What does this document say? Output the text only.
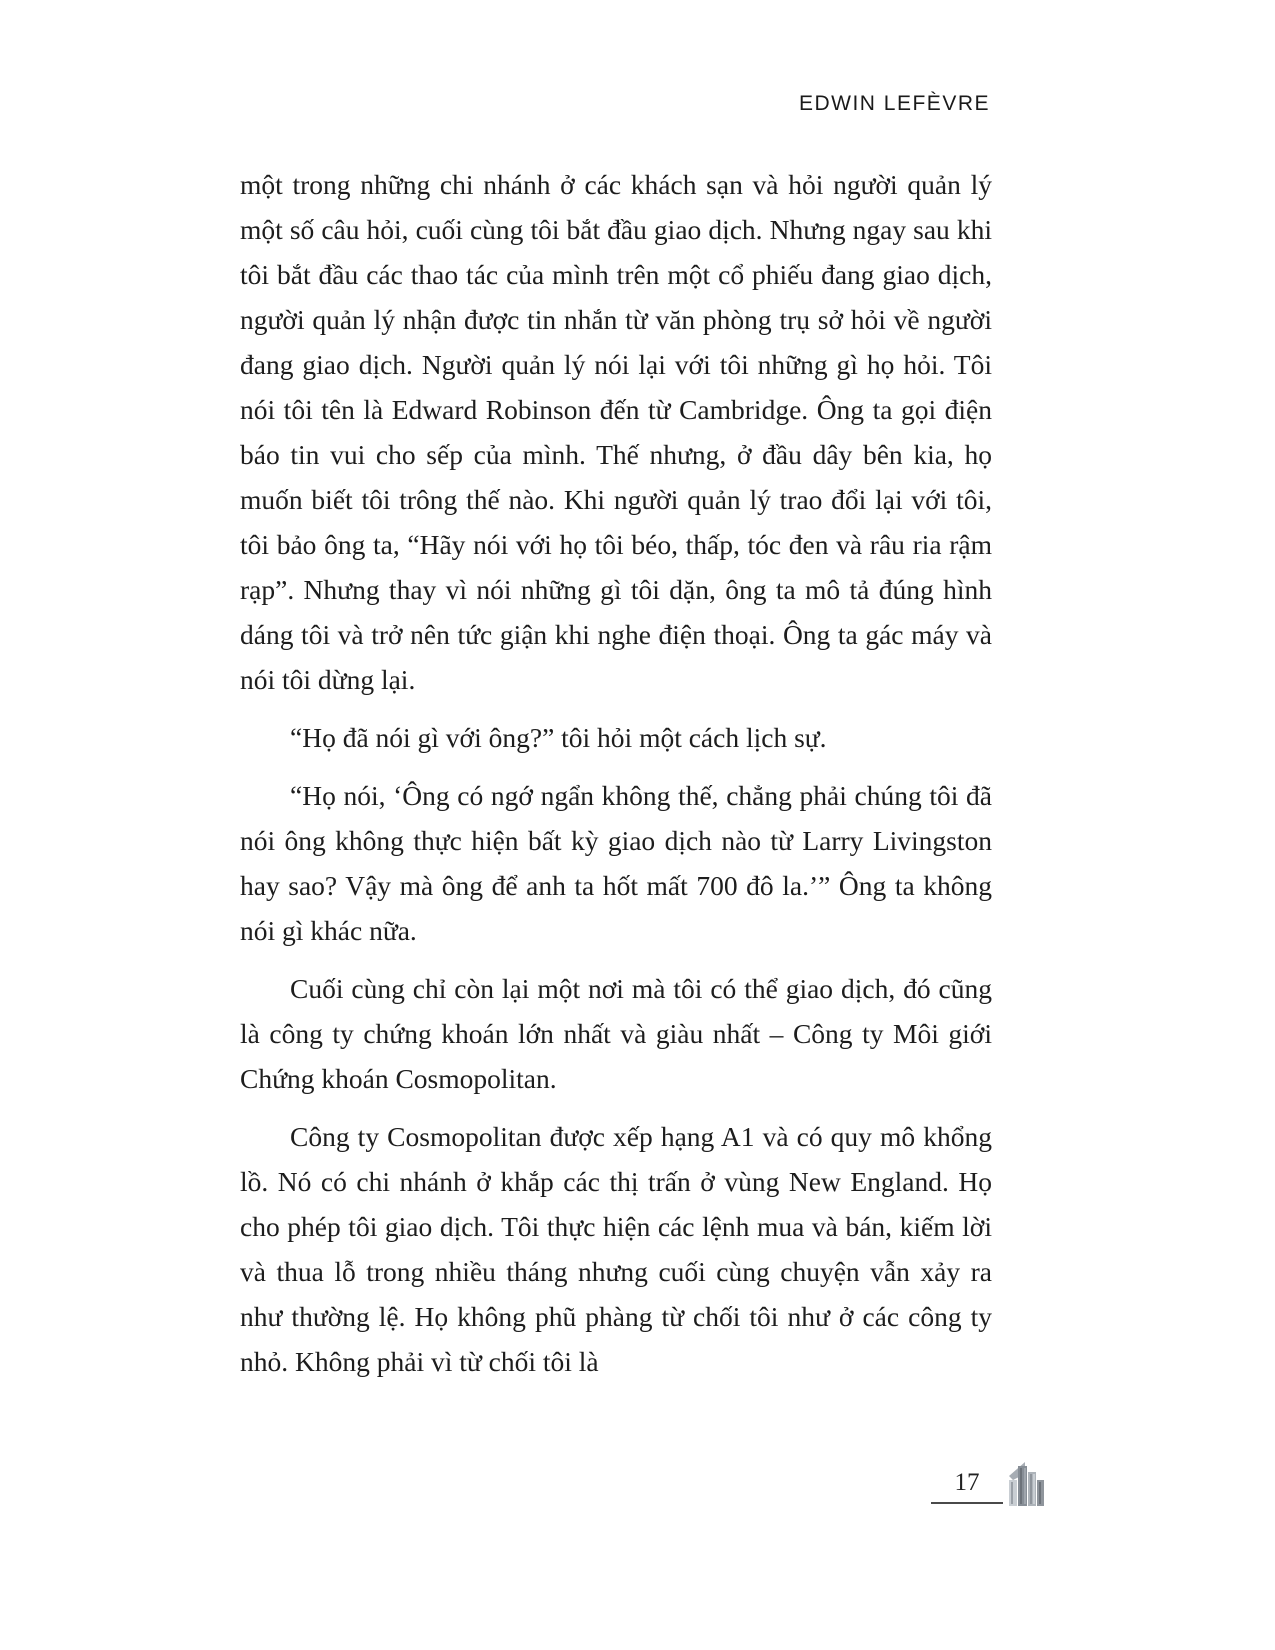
EDWIN LEFÈVRE

một trong những chi nhánh ở các khách sạn và hỏi người quản lý một số câu hỏi, cuối cùng tôi bắt đầu giao dịch. Nhưng ngay sau khi tôi bắt đầu các thao tác của mình trên một cổ phiếu đang giao dịch, người quản lý nhận được tin nhắn từ văn phòng trụ sở hỏi về người đang giao dịch. Người quản lý nói lại với tôi những gì họ hỏi. Tôi nói tôi tên là Edward Robinson đến từ Cambridge. Ông ta gọi điện báo tin vui cho sếp của mình. Thế nhưng, ở đầu dây bên kia, họ muốn biết tôi trông thế nào. Khi người quản lý trao đổi lại với tôi, tôi bảo ông ta, “Hãy nói với họ tôi béo, thấp, tóc đen và râu ria rậm rạp”. Nhưng thay vì nói những gì tôi dặn, ông ta mô tả đúng hình dáng tôi và trở nên tức giận khi nghe điện thoại. Ông ta gác máy và nói tôi dừng lại.

“Họ đã nói gì với ông?” tôi hỏi một cách lịch sự.

“Họ nói, ‘Ông có ngớ ngẩn không thế, chẳng phải chúng tôi đã nói ông không thực hiện bất kỳ giao dịch nào từ Larry Livingston hay sao? Vậy mà ông để anh ta hốt mất 700 đô la.’” Ông ta không nói gì khác nữa.

Cuối cùng chỉ còn lại một nơi mà tôi có thể giao dịch, đó cũng là công ty chứng khoán lớn nhất và giàu nhất – Công ty Môi giới Chứng khoán Cosmopolitan.

Công ty Cosmopolitan được xếp hạng A1 và có quy mô khổng lồ. Nó có chi nhánh ở khắp các thị trấn ở vùng New England. Họ cho phép tôi giao dịch. Tôi thực hiện các lệnh mua và bán, kiếm lời và thua lỗ trong nhiều tháng nhưng cuối cùng chuyện vẫn xảy ra như thường lệ. Họ không phũ phàng từ chối tôi như ở các công ty nhỏ. Không phải vì từ chối tôi là

17
